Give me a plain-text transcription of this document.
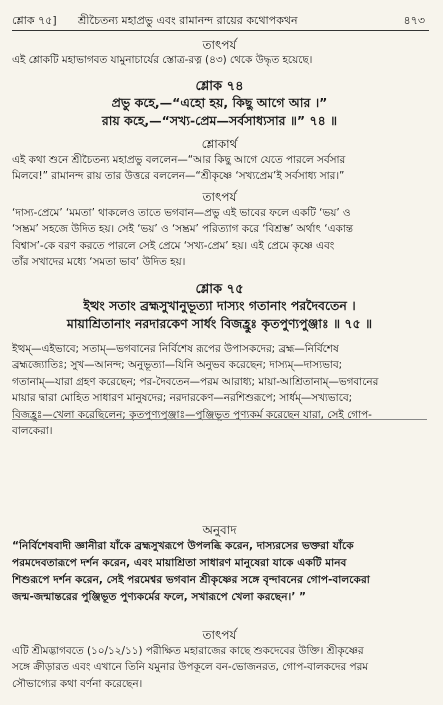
শ্লোক ৭৫] শ্রীচৈতন্য মহাপ্রভু এবং রামানন্দ রায়ের কথোপকথন	৪৭৩
তাৎপর্য
এই শ্লোকটি মহাভাগবত যামুনাচার্যের স্তোত্র-রত্ন (৪৩) থেকে উদ্ধৃত হয়েছে।
শ্লোক ৭৪
প্রভু কহে,—“এহো হয়, কিছু আগে আর ।”
রায় কহে,—“সখ্য-প্রেম—সর্বসাধ্যসার ॥” ৭৪ ॥
শ্লোকার্থ
এই কথা শুনে শ্রীচৈতন্য মহাপ্রভু বললেন—“আর কিছু আগে যেতে পারলে সর্বসার
মিলবে!” রামানন্দ রায় তার উত্তরে বললেন—“শ্রীকৃষ্ণে ‘সখ্যপ্রেম’ই সর্বসাধ্য সার।”
তাৎপর্য
‘দাস্য-প্রেমে’ ‘মমতা’ থাকলেও তাতে ভগবান—প্রভু এই ভাবের ফলে একটি ‘ভয়’ ও
‘সম্ভ্রম’ সহজে উদিত হয়। সেই ‘ভয়’ ও ‘সম্ভ্রম’ পরিত্যাগ করে ‘বিশ্রম্ভ’ অর্থাৎ ‘একান্ত
বিশ্বাস’-কে বরণ করতে পারলে সেই প্রেমে ‘সখ্য-প্রেম’ হয়। এই প্রেমে কৃষ্ণে এবং
তাঁর সখাদের মধ্যে ‘সমতা ভাব’ উদিত হয়।
শ্লোক ৭৫
ইত্থং সতাং ব্রহ্মসুখানুভূত্যা দাস্যং গতানাং পরদৈবতেন ।
মায়াশ্রিতানাং নরদারকেণ সার্ধং বিজহ্রুঃ কৃতপুণ্যপুঞ্জাঃ ॥ ৭৫ ॥
ইত্থম্—এইভাবে; সতাম্—ভগবানের নির্বিশেষ রূপের উপাসকদের; ব্রহ্ম—নির্বিশেষ
ব্রহ্মজ্যোতিঃ; সুখ—আনন্দ; অনুভূত্যা—যিনি অনুভব করেছেন; দাস্যম্—দাস্যভাব;
গতানাম্—যারা গ্রহণ করেছেন; পর-দৈবতেন—পরম আরাধ্য; মায়া-আশ্রিতানাম্—ভগবানের
মায়ার দ্বারা মোহিত সাধারণ মানুষদের; নরদারকেণ—নরশিশুরূপে; সার্ধম্—সখ্যভাবে;
বিজহ্রুঃ—খেলা করেছিলেন; কৃতপুণ্যপুঞ্জাঃ—পুঞ্জিভূত পুণ্যকর্ম করেছেন যারা, সেই গোপ-
বালকেরা।
অনুবাদ
“নির্বিশেষবাদী জ্ঞানীরা যাঁকে ব্রহ্মসুখরূপে উপলব্ধি করেন, দাস্যরসের ভক্তরা যাঁকে
পরমদেবতারূপে দর্শন করেন, এবং মায়াশ্রিতা সাধারণ মানুষেরা যাকে একটি মানব
শিশুরূপে দর্শন করেন, সেই পরমেশ্বর ভগবান শ্রীকৃষ্ণের সঙ্গে বৃন্দাবনের গোপ-বালকেরা
জন্ম-জন্মান্তরের পুঞ্জিভূত পুণ্যকর্মের ফলে, সখারূপে খেলা করছেন।’ ”
তাৎপর্য
এটি শ্রীমদ্ভাগবতে (১০/১২/১১) পরীক্ষিত মহারাজের কাছে শুকদেবের উক্তি। শ্রীকৃষ্ণের
সঙ্গে ক্রীড়ারত এবং এখানে তিনি যমুনার উপকূলে বন-ভোজনরত, গোপ-বালকদের পরম
সৌভাগ্যের কথা বর্ণনা করেছেন।
